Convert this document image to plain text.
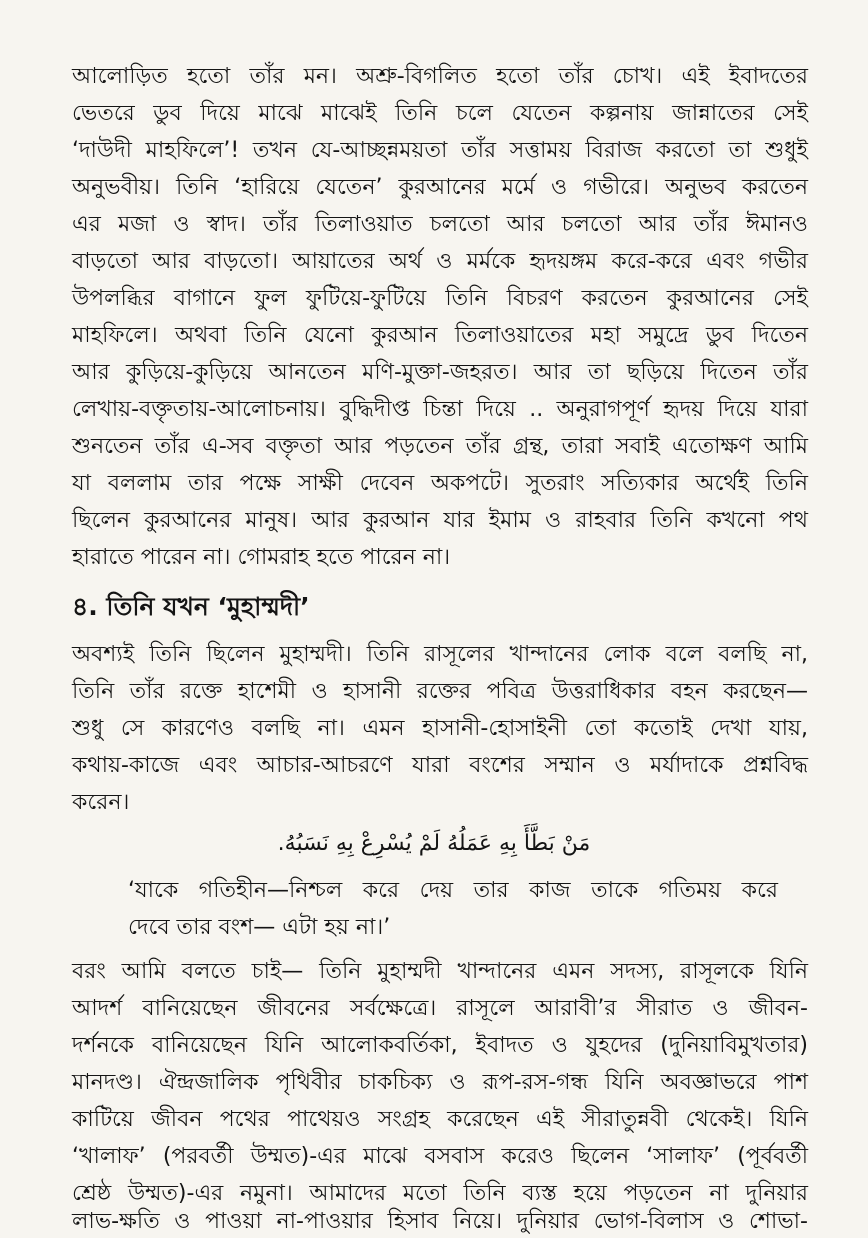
আলোড়িত হতো তাঁর মন। অশ্রু-বিগলিত হতো তাঁর চোখ। এই ইবাদতের
ভেতরে ডুব দিয়ে মাঝে মাঝেই তিনি চলে যেতেন কল্পনায় জান্নাতের সেই
‘দাউদী মাহফিলে’! তখন যে-আচ্ছন্নময়তা তাঁর সত্তাময় বিরাজ করতো তা শুধুই
অনুভবীয়। তিনি ‘হারিয়ে যেতেন’ কুরআনের মর্মে ও গভীরে। অনুভব করতেন
এর মজা ও স্বাদ। তাঁর তিলাওয়াত চলতো আর চলতো আর তাঁর ঈমানও
বাড়তো আর বাড়তো। আয়াতের অর্থ ও মর্মকে হৃদয়ঙ্গম করে-করে এবং গভীর
উপলব্ধির বাগানে ফুল ফুটিয়ে-ফুটিয়ে তিনি বিচরণ করতেন কুরআনের সেই
মাহফিলে। অথবা তিনি যেনো কুরআন তিলাওয়াতের মহা সমুদ্রে ডুব দিতেন
আর কুড়িয়ে-কুড়িয়ে আনতেন মণি-মুক্তা-জহরত। আর তা ছড়িয়ে দিতেন তাঁর
লেখায়-বক্তৃতায়-আলোচনায়। বুদ্ধিদীপ্ত চিন্তা দিয়ে .. অনুরাগপূর্ণ হৃদয় দিয়ে যারা
শুনতেন তাঁর এ-সব বক্তৃতা আর পড়তেন তাঁর গ্রন্থ, তারা সবাই এতোক্ষণ আমি
যা বললাম তার পক্ষে সাক্ষী দেবেন অকপটে। সুতরাং সত্যিকার অর্থেই তিনি
ছিলেন কুরআনের মানুষ। আর কুরআন যার ইমাম ও রাহবার তিনি কখনো পথ
হারাতে পারেন না। গোমরাহ হতে পারেন না।
৪. তিনি যখন ‘মুহাম্মদী’
অবশ্যই তিনি ছিলেন মুহাম্মদী। তিনি রাসূলের খান্দানের লোক বলে বলছি না,
তিনি তাঁর রক্তে হাশেমী ও হাসানী রক্তের পবিত্র উত্তরাধিকার বহন করছেন—
শুধু সে কারণেও বলছি না। এমন হাসানী-হোসাইনী তো কতোই দেখা যায়,
কথায়-কাজে এবং আচার-আচরণে যারা বংশের সম্মান ও মর্যাদাকে প্রশ্নবিদ্ধ
করেন।
مَنْ بَطَّأَ بِهِ عَمَلُهُ لَمْ يُسْرِعْ بِهِ نَسَبُهُ.
‘যাকে গতিহীন—নিশ্চল করে দেয় তার কাজ তাকে গতিময় করে
দেবে তার বংশ— এটা হয় না।’
বরং আমি বলতে চাই— তিনি মুহাম্মদী খান্দানের এমন সদস্য, রাসূলকে যিনি
আদর্শ বানিয়েছেন জীবনের সর্বক্ষেত্রে। রাসূলে আরাবী’র সীরাত ও জীবন-
দর্শনকে বানিয়েছেন যিনি আলোকবর্তিকা, ইবাদত ও যুহদের (দুনিয়াবিমুখতার)
মানদণ্ড। ঐন্দ্রজালিক পৃথিবীর চাকচিক্য ও রূপ-রস-গন্ধ যিনি অবজ্ঞাভরে পাশ
কাটিয়ে জীবন পথের পাথেয়ও সংগ্রহ করেছেন এই সীরাতুন্নবী থেকেই। যিনি
‘খালাফ’ (পরবর্তী উম্মত)-এর মাঝে বসবাস করেও ছিলেন ‘সালাফ’ (পূর্ববর্তী
শ্রেষ্ঠ উম্মত)-এর নমুনা। আমাদের মতো তিনি ব্যস্ত হয়ে পড়তেন না দুনিয়ার
লাভ-ক্ষতি ও পাওয়া না-পাওয়ার হিসাব নিয়ে। দুনিয়ার ভোগ-বিলাস ও শোভা-
